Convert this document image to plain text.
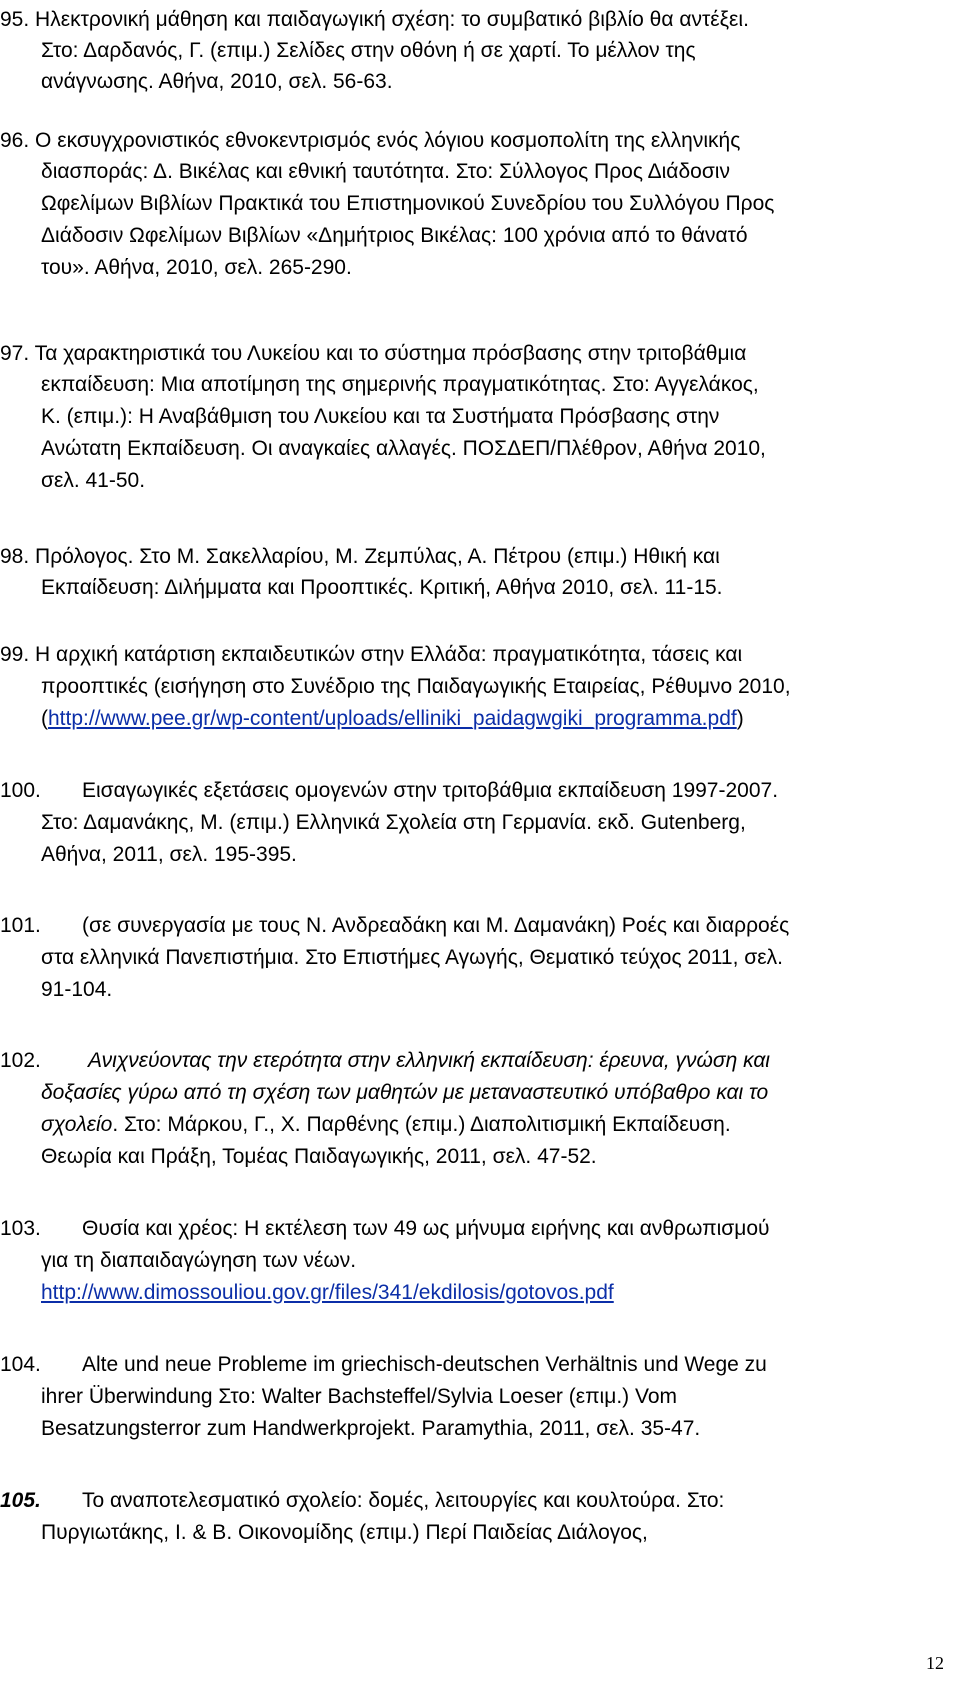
95. Ηλεκτρονική μάθηση και παιδαγωγική σχέση: το συμβατικό βιβλίο θα αντέξει.
Στο: Δαρδανός, Γ. (επιμ.) Σελίδες στην οθόνη ή σε χαρτί. Το μέλλον της
ανάγνωσης. Αθήνα, 2010, σελ. 56-63.
96. Ο εκσυγχρονιστικός εθνοκεντρισμός ενός λόγιου κοσμοπολίτη της ελληνικής
διασποράς: Δ. Βικέλας και εθνική ταυτότητα. Στο: Σύλλογος Προς Διάδοσιν
Ωφελίμων Βιβλίων Πρακτικά του Επιστημονικού Συνεδρίου του Συλλόγου Προς
Διάδοσιν Ωφελίμων Βιβλίων «Δημήτριος Βικέλας: 100 χρόνια από το θάνατό
του». Αθήνα, 2010, σελ. 265-290.
97. Τα χαρακτηριστικά του Λυκείου και το σύστημα πρόσβασης στην τριτοβάθμια
εκπαίδευση: Μια αποτίμηση της σημερινής πραγματικότητας. Στο: Αγγελάκος,
Κ. (επιμ.): Η Αναβάθμιση του Λυκείου και τα Συστήματα Πρόσβασης στην
Ανώτατη Εκπαίδευση. Οι αναγκαίες αλλαγές. ΠΟΣΔΕΠ/Πλέθρον, Αθήνα 2010,
σελ. 41-50.
98. Πρόλογος. Στο Μ. Σακελλαρίου, Μ. Ζεμπύλας, Α. Πέτρου (επιμ.) Ηθική και
Εκπαίδευση: Διλήμματα και Προοπτικές. Κριτική, Αθήνα 2010, σελ. 11-15.
99. Η αρχική κατάρτιση εκπαιδευτικών στην Ελλάδα: πραγματικότητα, τάσεις και
προοπτικές (εισήγηση στο Συνέδριο της Παιδαγωγικής Εταιρείας, Ρέθυμνο 2010,
(http://www.pee.gr/wp-content/uploads/elliniki_paidagwgiki_programma.pdf)
100. Εισαγωγικές εξετάσεις ομογενών στην τριτοβάθμια εκπαίδευση 1997-2007.
Στο: Δαμανάκης, Μ. (επιμ.) Ελληνικά Σχολεία στη Γερμανία. εκδ. Gutenberg,
Αθήνα, 2011, σελ. 195-395.
101. (σε συνεργασία με τους Ν. Ανδρεαδάκη και Μ. Δαμανάκη) Ροές και διαρροές
στα ελληνικά Πανεπιστήμια. Στο Επιστήμες Αγωγής, Θεματικό τεύχος 2011, σελ.
91-104.
102. Ανιχνεύοντας την ετερότητα στην ελληνική εκπαίδευση: έρευνα, γνώση και
δοξασίες γύρω από τη σχέση των μαθητών με μεταναστευτικό υπόβαθρο και το
σχολείο. Στο: Μάρκου, Γ., Χ. Παρθένης (επιμ.) Διαπολιτισμική Εκπαίδευση.
Θεωρία και Πράξη, Τομέας Παιδαγωγικής, 2011, σελ. 47-52.
103. Θυσία και χρέος: Η εκτέλεση των 49 ως μήνυμα ειρήνης και ανθρωπισμού
για τη διαπαιδαγώγηση των νέων.
http://www.dimossouliou.gov.gr/files/341/ekdilosis/gotovos.pdf
104. Alte und neue Probleme im griechisch-deutschen Verhältnis und Wege zu
ihrer Überwindung Στο: Walter Bachsteffel/Sylvia Loeser (επιμ.) Vom
Besatzungsterror zum Handwerkprojekt. Paramythia, 2011, σελ. 35-47.
105. Το αναποτελεσματικό σχολείο: δομές, λειτουργίες και κουλτούρα. Στο:
Πυργιωτάκης, Ι. & Β. Οικονομίδης (επιμ.) Περί Παιδείας Διάλογος,
12
